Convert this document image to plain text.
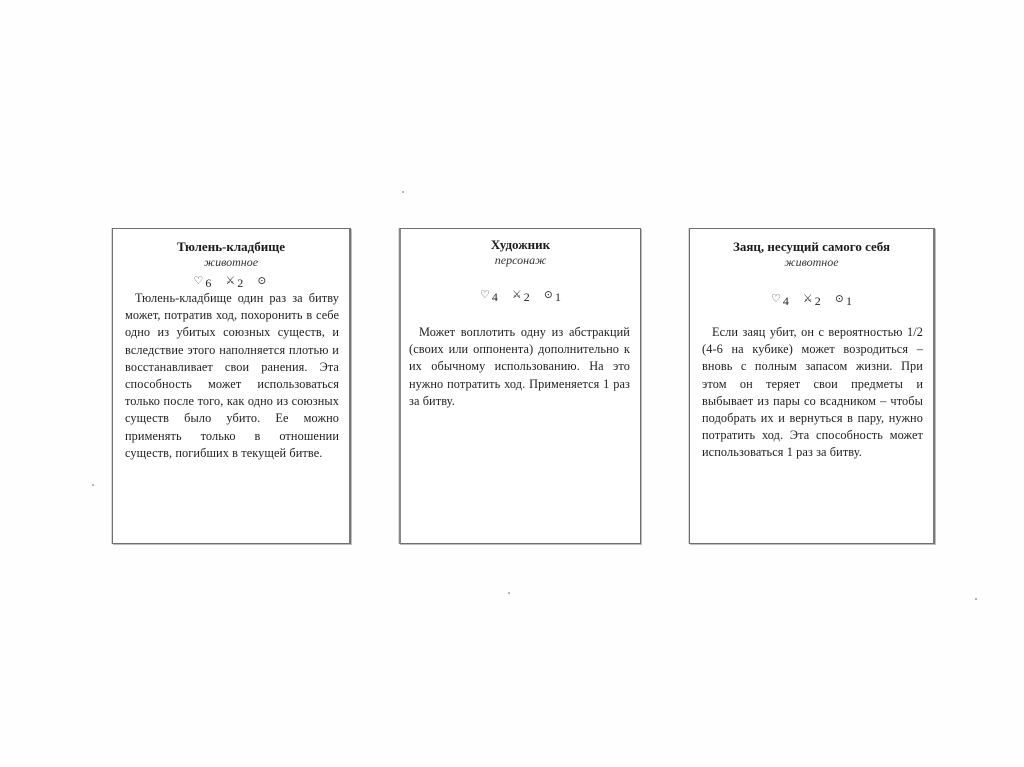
Тюлень-кладбище
животное
♡ 6 ⚔ 2 ⊙
Тюлень-кладбище один раз за битву может, потратив ход, похоронить в себе одно из убитых союзных существ, и вследствие этого наполняется плотью и восстанавливает свои ранения. Эта способность может использоваться только после того, как одно из союзных существ было убито. Ее можно применять только в отношении существ, погибших в текущей битве.
Художник
персонаж
♡ 4 ⚔ 2 ⊙ 1
Может воплотить одну из абстракций (своих или оппонента) дополнительно к их обычному использованию. На это нужно потратить ход. Применяется 1 раз за битву.
Заяц, несущий самого себя
животное
♡ 4 ⚔ 2 ⊙ 1
Если заяц убит, он с вероятностью 1/2 (4-6 на кубике) может возродиться – вновь с полным запасом жизни. При этом он теряет свои предметы и выбывает из пары со всадником – чтобы подобрать их и вернуться в пару, нужно потратить ход. Эта способность может использоваться 1 раз за битву.
